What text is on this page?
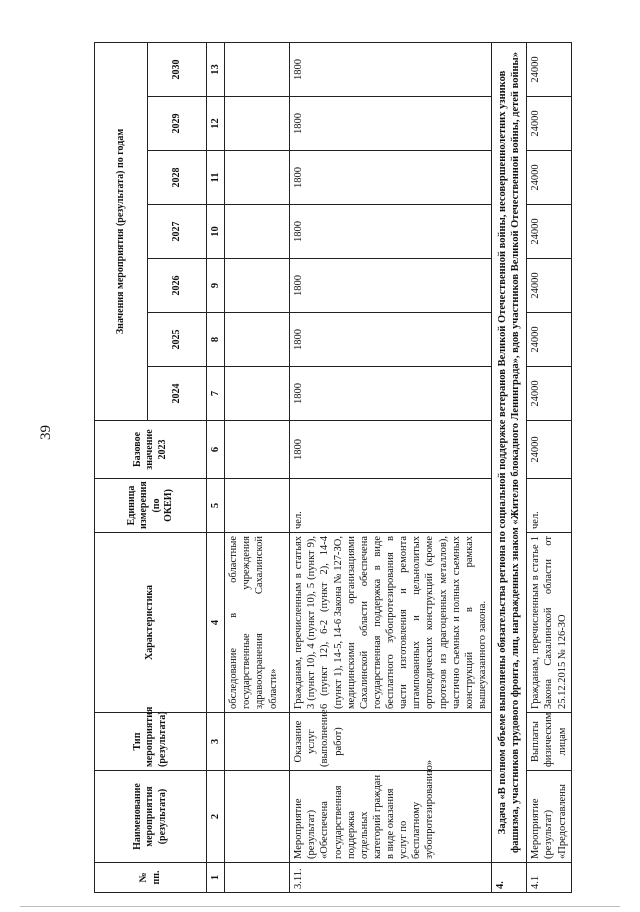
39
№ пп.	Наименование мероприятия (результата)	Тип мероприятия (результата)	Характеристика	Единица измерения (по ОКЕИ)	Базовое значение 2023	Значения мероприятия (результата) по годам						
						2024	2025	2026	2027	2028	2029	2030
1	2	3	4	5	6	7	8	9	10	11	12	13
			обследование в областные государственные учреждения здравоохранения Сахалинской области»									
3.11.	Мероприятие (результат) «Обеспечена государственная поддержка отдельных категорий граждан в виде оказания услуг по бесплатному зубопротезированию»	Оказание услуг (выполнение работ)	Гражданам, перечисленным в статьях 3 (пункт 10), 4 (пункт 10), 5 (пункт 9), 6 (пункт 12), 6-2 (пункт 2), 14-4 (пункт 1), 14-5, 14-6 Закона № 127-ЗО, медицинскими организациями Сахалинской области обеспечена государственная поддержка в виде бесплатного зубопротезирования в части изготовления и ремонта штампованных и цельнолитых ортопедических конструкций (кроме протезов из драгоценных металлов), частично съемных и полных съемных конструкций в рамках вышеуказанного закона.	чел.	1800	1800	1800	1800	1800	1800	1800	1800
4.	Задача «В полном объеме выполнены обязательства региона по социальной поддержке ветеранов Великой Отечественной войны, несовершеннолетних узников фашизма, участников трудового фронта, лиц, награжденных знаком «Жителю блокадного Ленинграда», вдов участников Великой Отечественной войны, детей войны»											
4.1	Мероприятие (результат) «Предоставлены	Выплаты физическим лицам	Гражданам, перечисленным в статье 1 Закона Сахалинской области от 25.12.2015 № 126-ЗО	чел.	24000	24000	24000	24000	24000	24000	24000	24000
